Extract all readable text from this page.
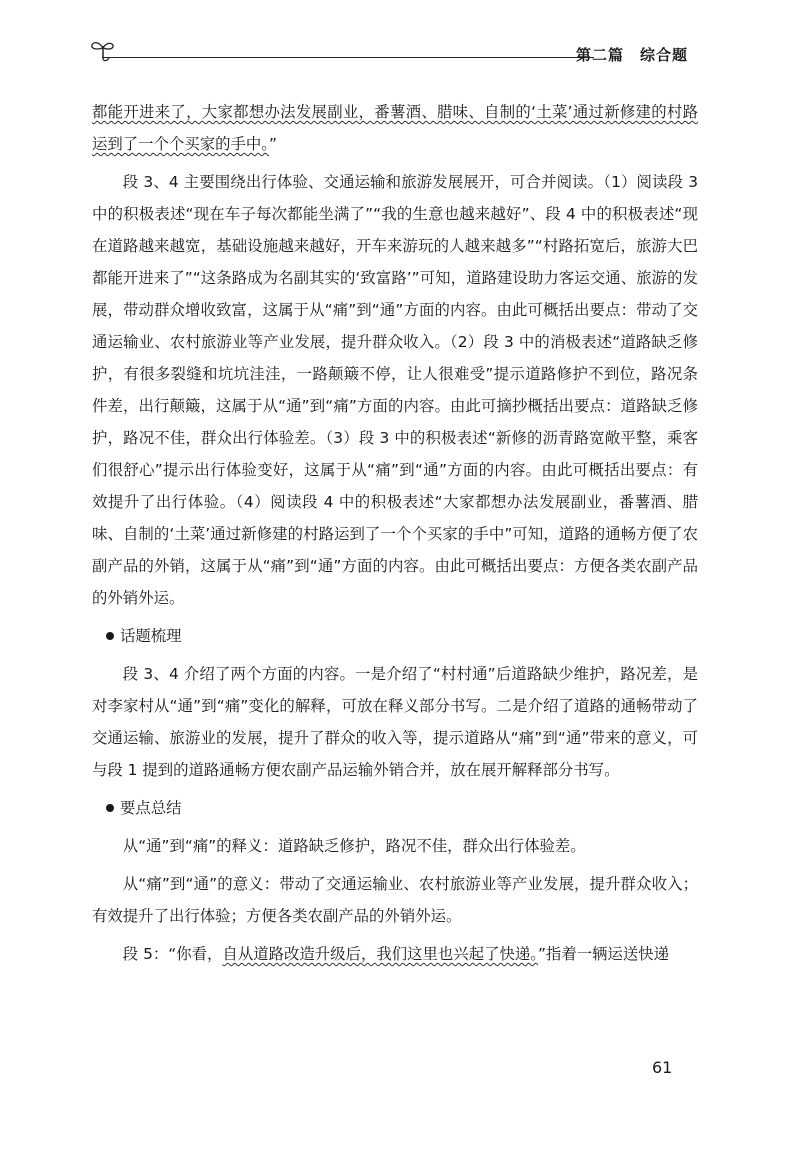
第二篇 综合题

都能开进来了，大家都想办法发展副业，番薯酒、腊味、自制的‘土菜’通过新修建的村路运到了一个个买家的手中。”

段 3、4 主要围绕出行体验、交通运输和旅游发展展开，可合并阅读。（1）阅读段 3 中的积极表述“现在车子每次都能坐满了”“我的生意也越来越好”、段 4 中的积极表述“现在道路越来越宽，基础设施越来越好，开车来游玩的人越来越多”“村路拓宽后，旅游大巴都能开进来了”“这条路成为名副其实的‘致富路’”可知，道路建设助力客运交通、旅游的发展，带动群众增收致富，这属于从“痛”到“通”方面的内容。由此可概括出要点：带动了交通运输业、农村旅游业等产业发展，提升群众收入。（2）段 3 中的消极表述“道路缺乏修护，有很多裂缝和坑坑洼洼，一路颠簸不停，让人很难受”提示道路修护不到位，路况条件差，出行颠簸，这属于从“通”到“痛”方面的内容。由此可摘抄概括出要点：道路缺乏修护，路况不佳，群众出行体验差。（3）段 3 中的积极表述“新修的沥青路宽敞平整，乘客们很舒心”提示出行体验变好，这属于从“痛”到“通”方面的内容。由此可概括出要点：有效提升了出行体验。（4）阅读段 4 中的积极表述“大家都想办法发展副业，番薯酒、腊味、自制的‘土菜’通过新修建的村路运到了一个个买家的手中”可知，道路的通畅方便了农副产品的外销，这属于从“痛”到“通”方面的内容。由此可概括出要点：方便各类农副产品的外销外运。

话题梳理

段 3、4 介绍了两个方面的内容。一是介绍了“村村通”后道路缺少维护，路况差，是对李家村从“通”到“痛”变化的解释，可放在释义部分书写。二是介绍了道路的通畅带动了交通运输、旅游业的发展，提升了群众的收入等，提示道路从“痛”到“通”带来的意义，可与段 1 提到的道路通畅方便农副产品运输外销合并，放在展开解释部分书写。

要点总结

从“通”到“痛”的释义：道路缺乏修护，路况不佳，群众出行体验差。

从“痛”到“通”的意义：带动了交通运输业、农村旅游业等产业发展，提升群众收入；有效提升了出行体验；方便各类农副产品的外销外运。

段 5：“你看，自从道路改造升级后，我们这里也兴起了快递。”指着一辆运送快递

61
